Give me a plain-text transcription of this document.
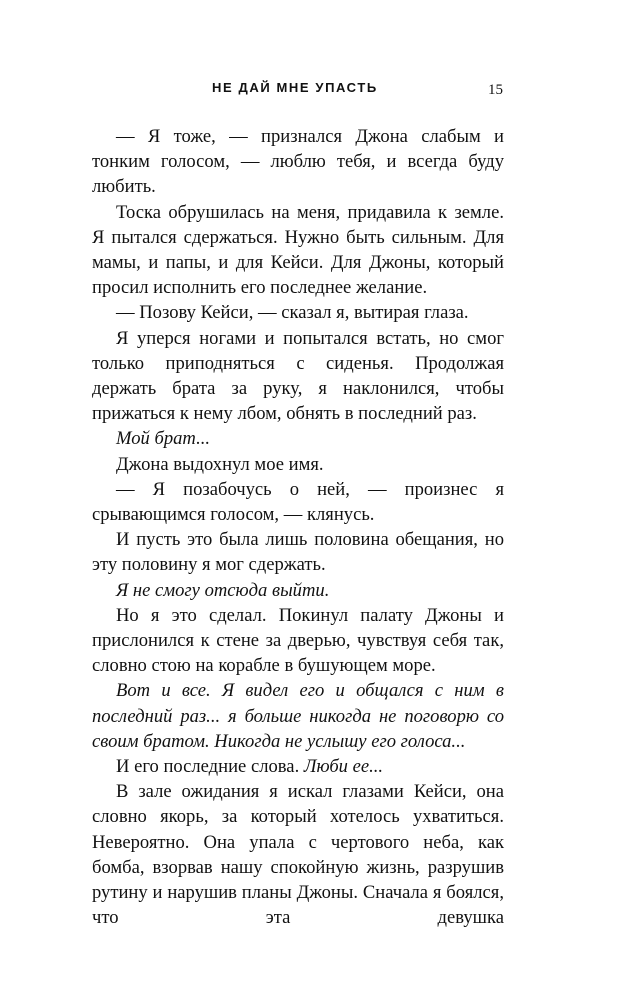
НЕ ДАЙ МНЕ УПАСТЬ	15

— Я тоже, — признался Джона слабым и тонким голосом, — люблю тебя, и всегда буду любить.

Тоска обрушилась на меня, придавила к земле. Я пытался сдержаться. Нужно быть сильным. Для мамы, и папы, и для Кейси. Для Джоны, который просил исполнить его последнее желание.

— Позову Кейси, — сказал я, вытирая глаза.

Я уперся ногами и попытался встать, но смог только приподняться с сиденья. Продолжая держать брата за руку, я наклонился, чтобы прижаться к нему лбом, обнять в последний раз.

Мой брат...

Джона выдохнул мое имя.

— Я позабочусь о ней, — произнес я срывающимся голосом, — клянусь.

И пусть это была лишь половина обещания, но эту половину я мог сдержать.

Я не смогу отсюда выйти.

Но я это сделал. Покинул палату Джоны и прислонился к стене за дверью, чувствуя себя так, словно стою на корабле в бушующем море.

Вот и все. Я видел его и общался с ним в последний раз... я больше никогда не поговорю со своим братом. Никогда не услышу его голоса...

И его последние слова. Люби ее...

В зале ожидания я искал глазами Кейси, она словно якорь, за который хотелось ухватиться. Невероятно. Она упала с чертового неба, как бомба, взорвав нашу спокойную жизнь, разрушив рутину и нарушив планы Джоны. Сначала я боялся, что эта девушка
